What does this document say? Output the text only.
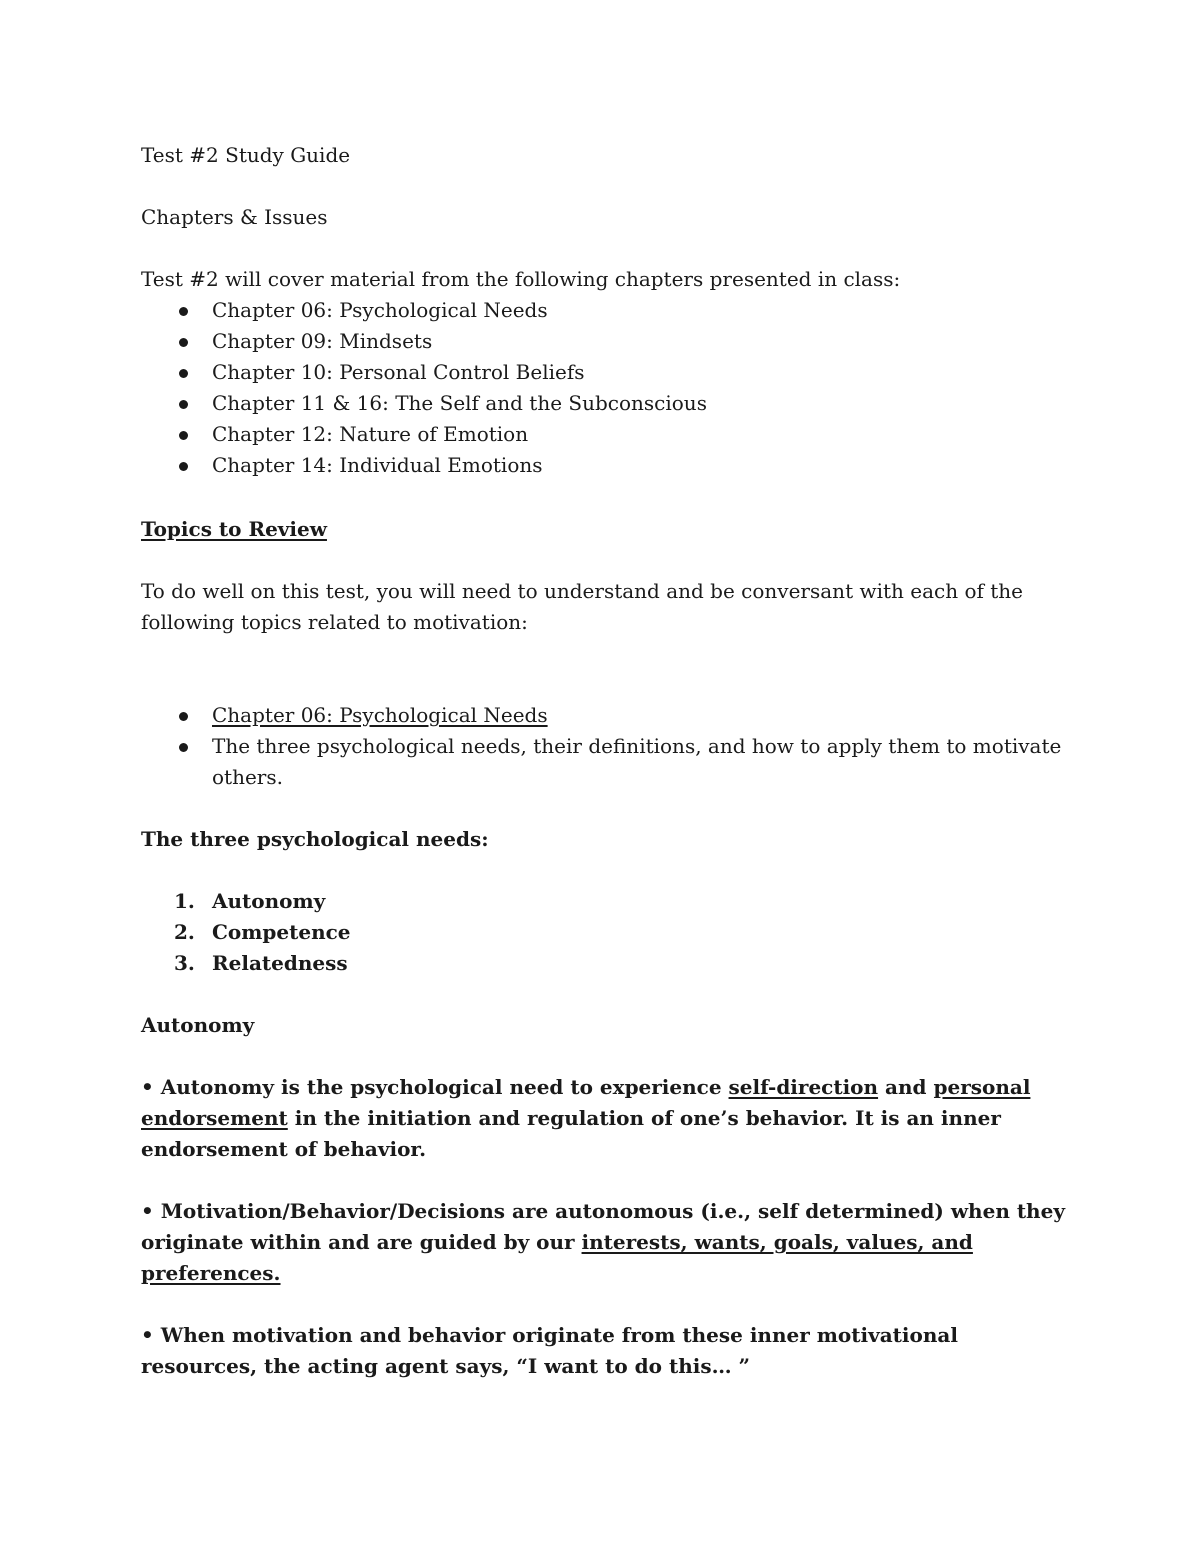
Test #2 Study Guide

Chapters & Issues

Test #2 will cover material from the following chapters presented in class:

Chapter 06: Psychological Needs
Chapter 09: Mindsets
Chapter 10: Personal Control Beliefs
Chapter 11 & 16: The Self and the Subconscious
Chapter 12: Nature of Emotion
Chapter 14: Individual Emotions

Topics to Review

To do well on this test, you will need to understand and be conversant with each of the following topics related to motivation:

Chapter 06: Psychological Needs
The three psychological needs, their definitions, and how to apply them to motivate others.

The three psychological needs:

1. Autonomy
2. Competence
3. Relatedness

Autonomy

• Autonomy is the psychological need to experience self-direction and personal endorsement in the initiation and regulation of one’s behavior. It is an inner endorsement of behavior.

• Motivation/Behavior/Decisions are autonomous (i.e., self determined) when they originate within and are guided by our interests, wants, goals, values, and preferences.

• When motivation and behavior originate from these inner motivational resources, the acting agent says, “I want to do this… ”
